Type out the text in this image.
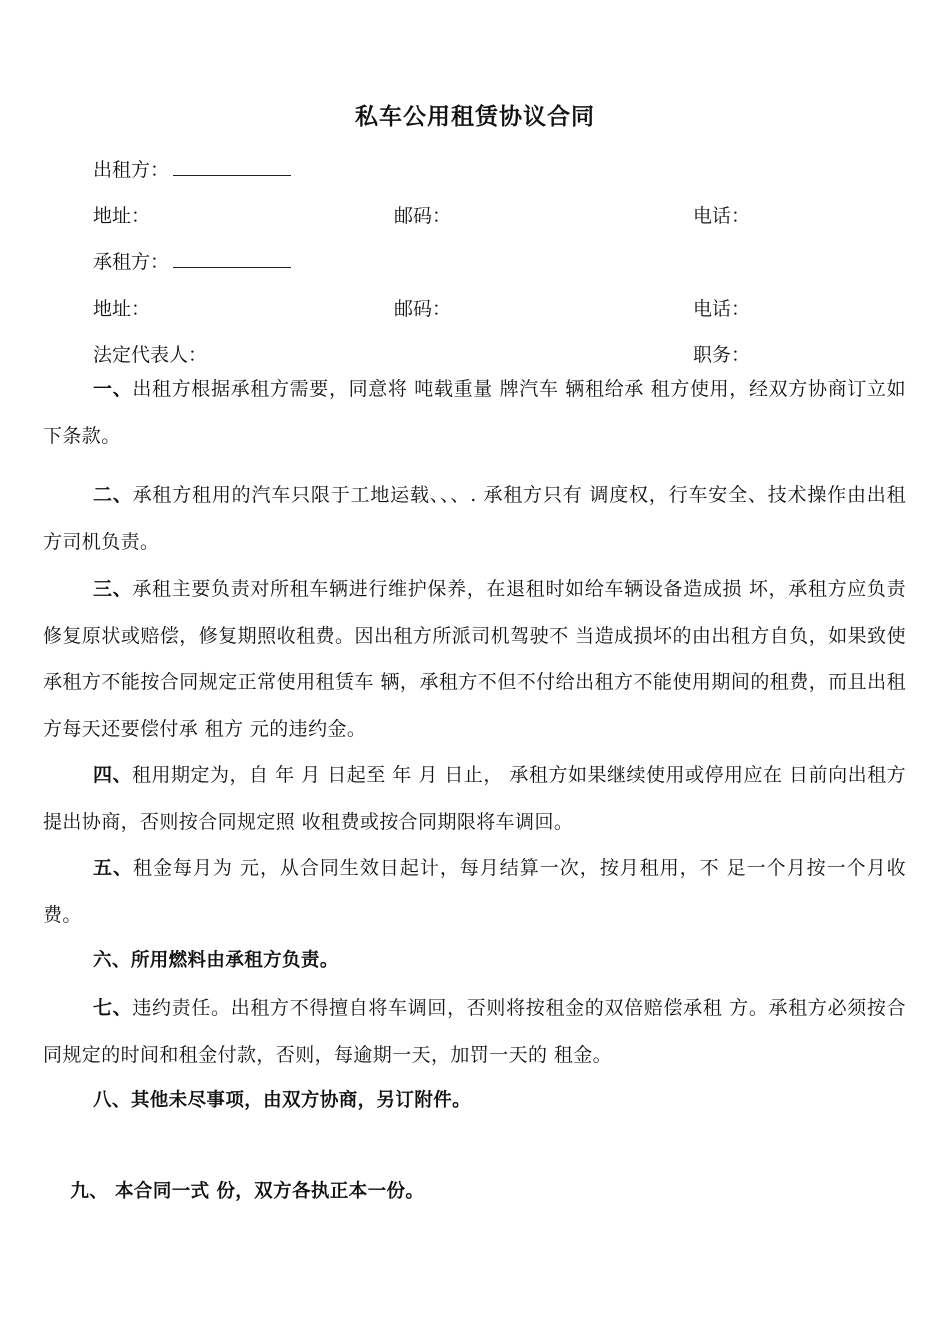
私车公用租赁协议合同
出租方：
地址：	邮码：	电话：
承租方：
地址：	邮码：	电话：
法定代表人：	职务：

一、出租方根据承租方需要，同意将 吨载重量 牌汽车 辆租给承 租方使用，经双方协商订立如下条款。

二、承租方租用的汽车只限于工地运载、、、. 承租方只有 调度权，行车安全、技术操作由出租方司机负责。

三、承租主要负责对所租车辆进行维护保养，在退租时如给车辆设备造成损 坏，承租方应负责修复原状或赔偿，修复期照收租费。因出租方所派司机驾驶不 当造成损坏的由出租方自负，如果致使承租方不能按合同规定正常使用租赁车 辆，承租方不但不付给出租方不能使用期间的租费，而且出租方每天还要偿付承 租方 元的违约金。

四、租用期定为，自 年 月 日起至 年 月 日止， 承租方如果继续使用或停用应在 日前向出租方提出协商，否则按合同规定照 收租费或按合同期限将车调回。

五、租金每月为 元，从合同生效日起计，每月结算一次，按月租用，不 足一个月按一个月收费。

六、所用燃料由承租方负责。

七、违约责任。出租方不得擅自将车调回，否则将按租金的双倍赔偿承租 方。承租方必须按合同规定的时间和租金付款，否则，每逾期一天，加罚一天的 租金。

八、其他未尽事项，由双方协商，另订附件。

九、 本合同一式 份，双方各执正本一份。
